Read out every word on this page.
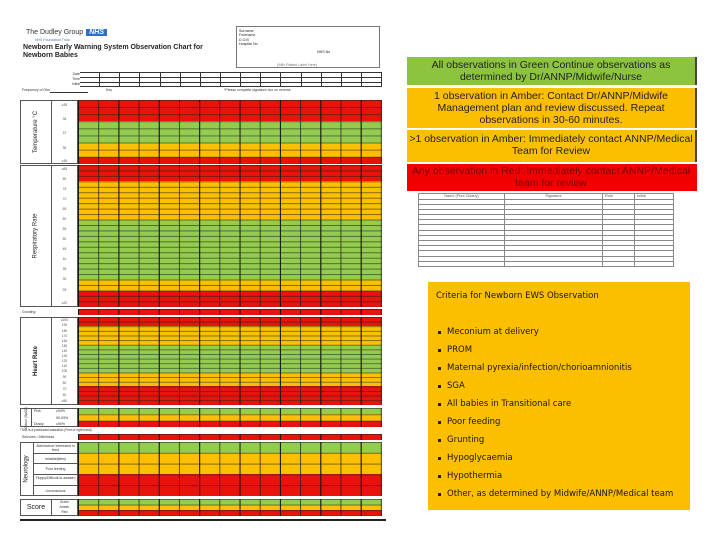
The Dudley Group NHS
NHS Foundation Trust
Newborn Early Warning System Observation Chart for Newborn Babies
Surname
Forename
D.O.B
Hospital No
NHS No
(Affix Patient Label Here)
Date
Time
Initial
Frequency of Obs	Key	*Please complete signature box on reverse
Temperature °C
≥39
38
37
36
≤36
Respiratory Rate
≥85
80
75
70
65
60
55
50
45
40
35
30
25
≤20
Grunting
Heart Rate
≥200
190
180
170
160
150
140
130
120
110
100
90
80
70
60
≤50
Colour (SpO2) Pink	≥94%
90-93%
Dusky	≤90%
*This is a postductal saturation (Feet or right hand)
Seizures / Jitteriness
Neurology
Alert/active/ interested in feed
Irritable/jittery
Poor feeding
Floppy/Difficult to awaken
Unconscious
Score
Green
Amber
Red
All observations in Green Continue observations as determined by Dr/ANNP/Midwife/Nurse
1 observation in Amber: Contact Dr/ANNP/Midwife Management plan and review discussed. Repeat observations in 30-60 minutes.
>1 observation in Amber: Immediately contact ANNP/Medical Team for Review
Any observation in Red: Immediately contact ANNP/Medical team for review
Name (Print Clearly)	Signature	Role	Initial

Criteria for Newborn EWS Observation
Meconium at delivery
PROM
Maternal pyrexia/infection/chorioamnionitis
SGA
All babies in Transitional care
Poor feeding
Grunting
Hypoglycaemia
Hypothermia
Other, as determined by Midwife/ANNP/Medical team
